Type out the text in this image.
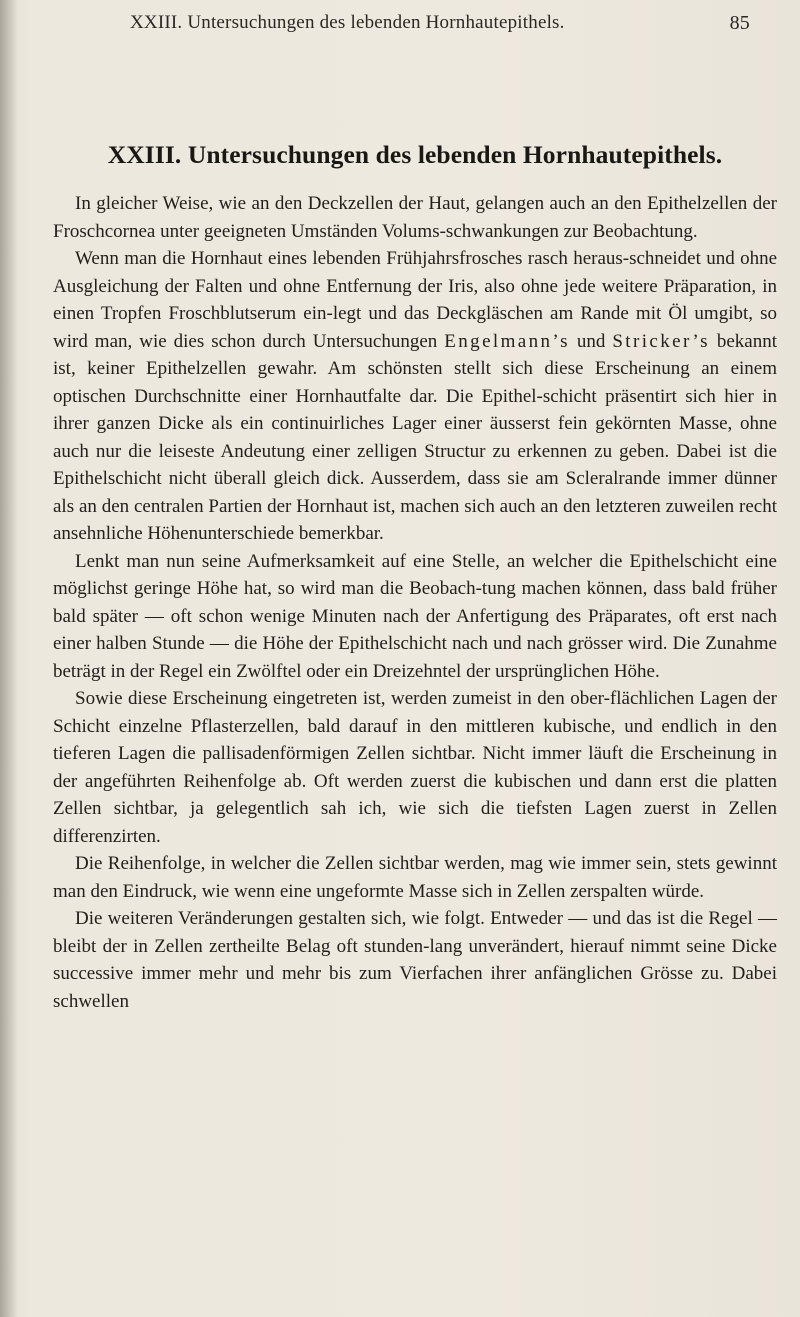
XXIII. Untersuchungen des lebenden Hornhautepithels.	85
XXIII. Untersuchungen des lebenden Hornhautepithels.

In gleicher Weise, wie an den Deckzellen der Haut, gelangen auch an den Epithelzellen der Froschcornea unter geeigneten Umständen Volums-schwankungen zur Beobachtung.

Wenn man die Hornhaut eines lebenden Frühjahrsfrosches rasch heraus-schneidet und ohne Ausgleichung der Falten und ohne Entfernung der Iris, also ohne jede weitere Präparation, in einen Tropfen Froschblutserum ein-legt und das Deckgläschen am Rande mit Öl umgibt, so wird man, wie dies schon durch Untersuchungen Engelmann’s und Stricker’s bekannt ist, keiner Epithelzellen gewahr. Am schönsten stellt sich diese Erscheinung an einem optischen Durchschnitte einer Hornhautfalte dar. Die Epithel-schicht präsentirt sich hier in ihrer ganzen Dicke als ein continuirliches Lager einer äusserst fein gekörnten Masse, ohne auch nur die leiseste Andeutung einer zelligen Structur zu erkennen zu geben. Dabei ist die Epithelschicht nicht überall gleich dick. Ausserdem, dass sie am Scleralrande immer dünner als an den centralen Partien der Hornhaut ist, machen sich auch an den letzteren zuweilen recht ansehnliche Höhenunterschiede bemerkbar.

Lenkt man nun seine Aufmerksamkeit auf eine Stelle, an welcher die Epithelschicht eine möglichst geringe Höhe hat, so wird man die Beobach-tung machen können, dass bald früher bald später — oft schon wenige Minuten nach der Anfertigung des Präparates, oft erst nach einer halben Stunde — die Höhe der Epithelschicht nach und nach grösser wird. Die Zunahme beträgt in der Regel ein Zwölftel oder ein Dreizehntel der ursprünglichen Höhe.

Sowie diese Erscheinung eingetreten ist, werden zumeist in den ober-flächlichen Lagen der Schicht einzelne Pflasterzellen, bald darauf in den mittleren kubische, und endlich in den tieferen Lagen die pallisadenförmigen Zellen sichtbar. Nicht immer läuft die Erscheinung in der angeführten Reihenfolge ab. Oft werden zuerst die kubischen und dann erst die platten Zellen sichtbar, ja gelegentlich sah ich, wie sich die tiefsten Lagen zuerst in Zellen differenzirten.

Die Reihenfolge, in welcher die Zellen sichtbar werden, mag wie immer sein, stets gewinnt man den Eindruck, wie wenn eine ungeformte Masse sich in Zellen zerspalten würde.

Die weiteren Veränderungen gestalten sich, wie folgt. Entweder — und das ist die Regel — bleibt der in Zellen zertheilte Belag oft stunden-lang unverändert, hierauf nimmt seine Dicke successive immer mehr und mehr bis zum Vierfachen ihrer anfänglichen Grösse zu. Dabei schwellen
